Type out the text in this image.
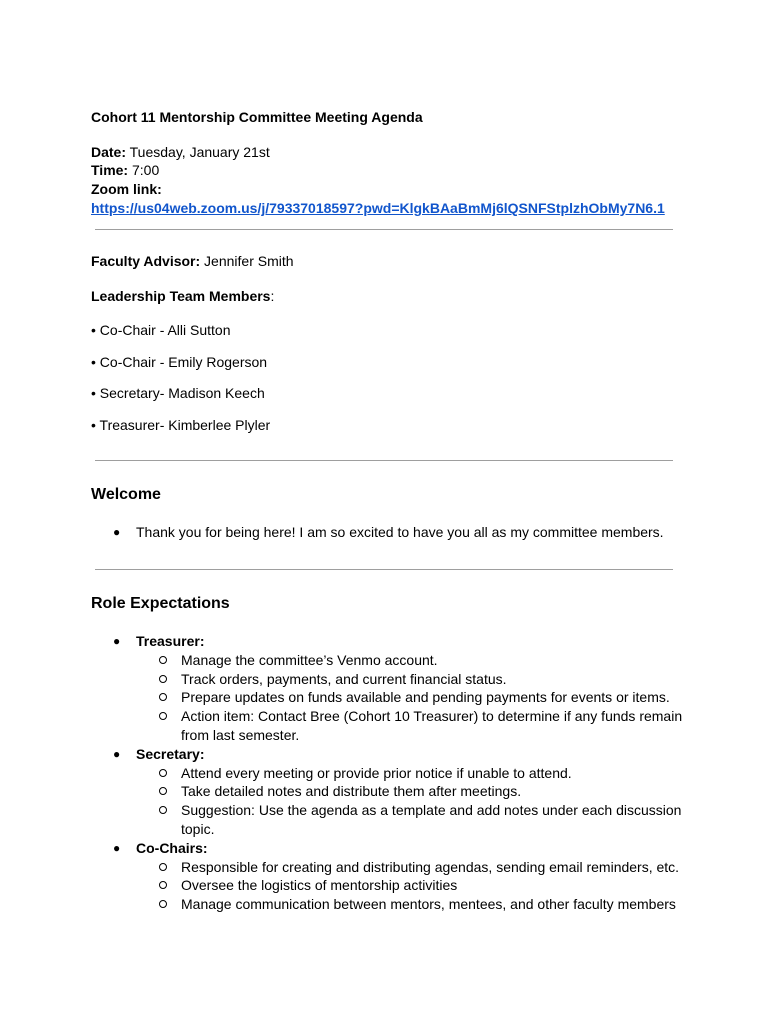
Cohort 11 Mentorship Committee Meeting Agenda
Date: Tuesday, January 21st
Time: 7:00
Zoom link:
https://us04web.zoom.us/j/79337018597?pwd=KlgkBAaBmMj6lQSNFStplzhObMy7N6.1
Faculty Advisor: Jennifer Smith
Leadership Team Members:
• Co-Chair - Alli Sutton
• Co-Chair - Emily Rogerson
• Secretary- Madison Keech
• Treasurer- Kimberlee Plyler
Welcome
● Thank you for being here! I am so excited to have you all as my committee members.
Role Expectations
● Treasurer:
Manage the committee’s Venmo account.
Track orders, payments, and current financial status.
Prepare updates on funds available and pending payments for events or items.
Action item: Contact Bree (Cohort 10 Treasurer) to determine if any funds remain
from last semester.
● Secretary:
Attend every meeting or provide prior notice if unable to attend.
Take detailed notes and distribute them after meetings.
Suggestion: Use the agenda as a template and add notes under each discussion
topic.
● Co-Chairs:
Responsible for creating and distributing agendas, sending email reminders, etc.
Oversee the logistics of mentorship activities
Manage communication between mentors, mentees, and other faculty members
